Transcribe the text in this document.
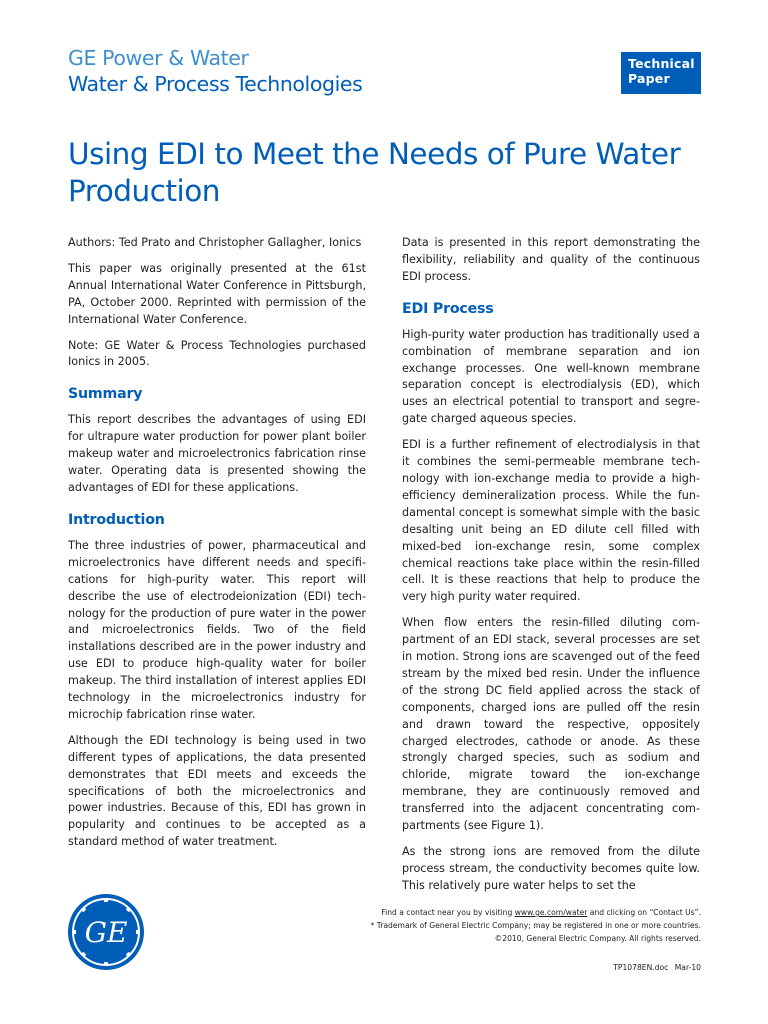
GE Power & Water
Water & Process Technologies
Technical
Paper
Using EDI to Meet the Needs of Pure Water Production

Authors: Ted Prato and Christopher Gallagher, Ionics

This paper was originally presented at the 61st Annual International Water Conference in Pittsburgh, PA, October 2000. Reprinted with permission of the International Water Conference.

Note: GE Water & Process Technologies purchased Ionics in 2005.

Summary

This report describes the advantages of using EDI for ultrapure water production for power plant boiler makeup water and microelectronics fabrication rinse water. Operating data is presented showing the advantages of EDI for these applications.

Introduction

The three industries of power, pharmaceutical and microelectronics have different needs and specifications for high-purity water. This report will describe the use of electrodeionization (EDI) technology for the production of pure water in the power and microelectronics fields. Two of the field installations described are in the power industry and use EDI to produce high-quality water for boiler makeup. The third installation of interest applies EDI technology in the microelectronics industry for microchip fabrication rinse water.

Although the EDI technology is being used in two different types of applications, the data presented demonstrates that EDI meets and exceeds the specifications of both the microelectronics and power industries. Because of this, EDI has grown in popularity and continues to be accepted as a standard method of water treatment.

Data is presented in this report demonstrating the flexibility, reliability and quality of the continuous EDI process.

EDI Process

High-purity water production has traditionally used a combination of membrane separation and ion exchange processes. One well-known membrane separation concept is electrodialysis (ED), which uses an electrical potential to transport and segregate charged aqueous species.

EDI is a further refinement of electrodialysis in that it combines the semi-permeable membrane technology with ion-exchange media to provide a high-efficiency demineralization process. While the fundamental concept is somewhat simple with the basic desalting unit being an ED dilute cell filled with mixed-bed ion-exchange resin, some complex chemical reactions take place within the resin-filled cell. It is these reactions that help to produce the very high purity water required.

When flow enters the resin-filled diluting compartment of an EDI stack, several processes are set in motion. Strong ions are scavenged out of the feed stream by the mixed bed resin. Under the influence of the strong DC field applied across the stack of components, charged ions are pulled off the resin and drawn toward the respective, oppositely charged electrodes, cathode or anode. As these strongly charged species, such as sodium and chloride, migrate toward the ion-exchange membrane, they are continuously removed and transferred into the adjacent concentrating compartments (see Figure 1).

As the strong ions are removed from the dilute process stream, the conductivity becomes quite low. This relatively pure water helps to set the

GE
Find a contact near you by visiting www.ge.com/water and clicking on “Contact Us”.
* Trademark of General Electric Company; may be registered in one or more countries.
©2010, General Electric Company. All rights reserved.
TP1078EN.doc Mar-10
